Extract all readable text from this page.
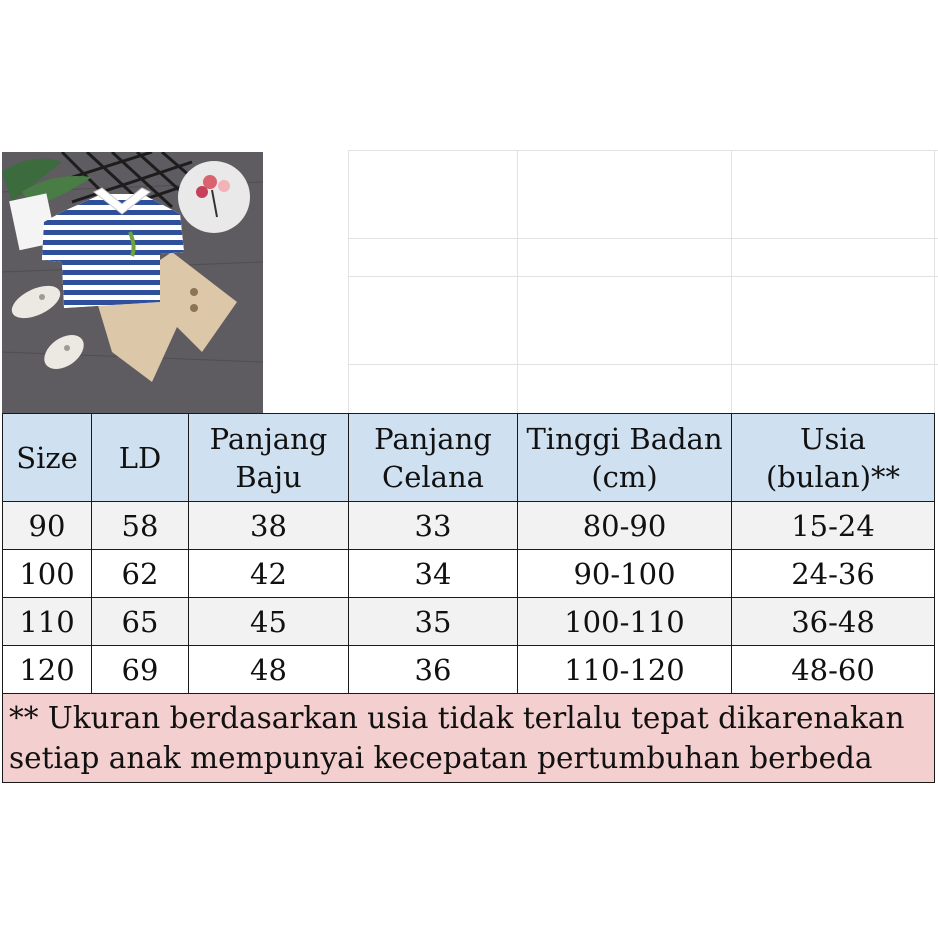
Size	LD	Panjang Baju	Panjang Celana	Tinggi Badan (cm)	Usia (bulan)**
90	58	38	33	80-90	15-24
100	62	42	34	90-100	24-36
110	65	45	35	100-110	36-48
120	69	48	36	110-120	48-60
** Ukuran berdasarkan usia tidak terlalu tepat dikarenakan setiap anak mempunyai kecepatan pertumbuhan berbeda					
